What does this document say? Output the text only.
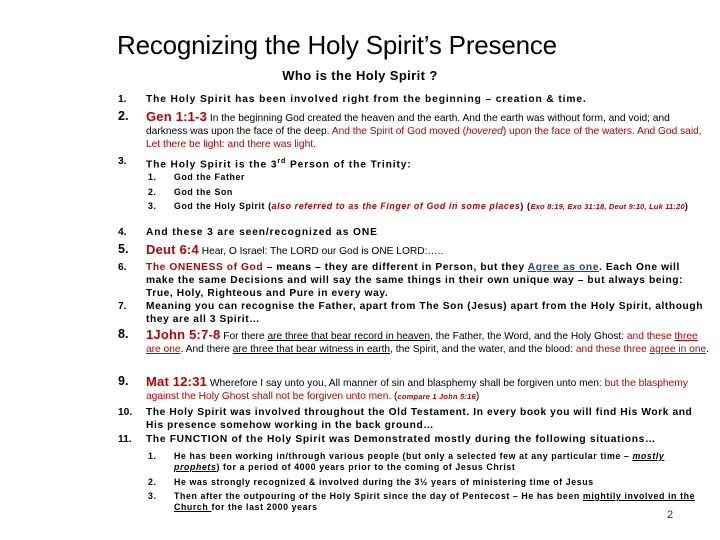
Recognizing the Holy Spirit’s Presence
Who is the Holy Spirit ?
1.	The Holy Spirit has been involved right from the beginning – creation & time.
2.	Gen 1:1-3 In the beginning God created the heaven and the earth. And the earth was without form, and void; and darkness was upon the face of the deep. And the Spirit of God moved (hovered) upon the face of the waters. And God said, Let there be light: and there was light.
3.	The Holy Spirit is the 3rd Person of the Trinity:
1. God the Father
2. God the Son
3. God the Holy Spirit (also referred to as the Finger of God in some places) (Exo 8:19, Exo 31:18, Deut 9:10, Luk 11:20)
4.	And these 3 are seen/recognized as ONE
5.	Deut 6:4 Hear, O Israel: The LORD our God is ONE LORD:…..
6.	The ONENESS of God – means – they are different in Person, but they Agree as one. Each One will make the same Decisions and will say the same things in their own unique way – but always being: True, Holy, Righteous and Pure in every way.
7.	Meaning you can recognise the Father, apart from The Son (Jesus) apart from the Holy Spirit, although they are all 3 Spirit…
8.	1John 5:7-8 For there are three that bear record in heaven, the Father, the Word, and the Holy Ghost: and these three are one. And there are three that bear witness in earth, the Spirit, and the water, and the blood: and these three agree in one.
9.	Mat 12:31 Wherefore I say unto you, All manner of sin and blasphemy shall be forgiven unto men: but the blasphemy against the Holy Ghost shall not be forgiven unto men. (compare 1 John 5:16)
10.	The Holy Spirit was involved throughout the Old Testament. In every book you will find His Work and His presence somehow working in the back ground…
11.	The FUNCTION of the Holy Spirit was Demonstrated mostly during the following situations…
1. He has been working in/through various people (but only a selected few at any particular time – mostly prophets) for a period of 4000 years prior to the coming of Jesus Christ
2. He was strongly recognized & involved during the 3½ years of ministering time of Jesus
3. Then after the outpouring of the Holy Spirit since the day of Pentecost – He has been mightily involved in the Church for the last 2000 years
2
